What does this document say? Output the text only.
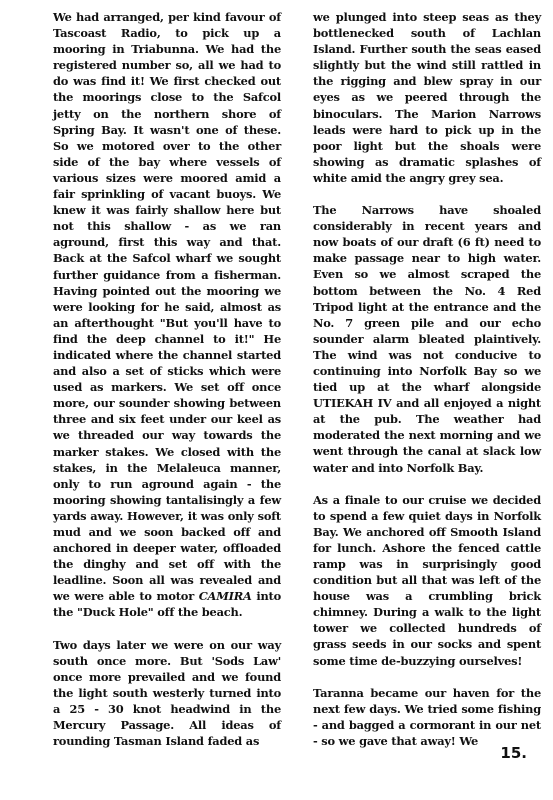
We had arranged, per kind favour of Tascoast Radio, to pick up a mooring in Triabunna. We had the registered number so, all we had to do was find it! We first checked out the moorings close to the Safcol jetty on the northern shore of Spring Bay. It wasn't one of these. So we motored over to the other side of the bay where vessels of various sizes were moored amid a fair sprinkling of vacant buoys. We knew it was fairly shallow here but not this shallow - as we ran aground, first this way and that. Back at the Safcol wharf we sought further guidance from a fisherman. Having pointed out the mooring we were looking for he said, almost as an afterthought "But you'll have to find the deep channel to it!" He indicated where the channel started and also a set of sticks which were used as markers. We set off once more, our sounder showing between three and six feet under our keel as we threaded our way towards the marker stakes. We closed with the stakes, in the Melaleuca manner, only to run aground again - the mooring showing tantalisingly a few yards away. However, it was only soft mud and we soon backed off and anchored in deeper water, offloaded the dinghy and set off with the leadline. Soon all was revealed and we were able to motor CAMIRA into the "Duck Hole" off the beach.

Two days later we were on our way south once more. But 'Sods Law' once more prevailed and we found the light south westerly turned into a 25 - 30 knot headwind in the Mercury Passage. All ideas of rounding Tasman Island faded as

we plunged into steep seas as they bottlenecked south of Lachlan Island. Further south the seas eased slightly but the wind still rattled in the rigging and blew spray in our eyes as we peered through the binoculars. The Marion Narrows leads were hard to pick up in the poor light but the shoals were showing as dramatic splashes of white amid the angry grey sea.

The Narrows have shoaled considerably in recent years and now boats of our draft (6 ft) need to make passage near to high water. Even so we almost scraped the bottom between the No. 4 Red Tripod light at the entrance and the No. 7 green pile and our echo sounder alarm bleated plaintively. The wind was not conducive to continuing into Norfolk Bay so we tied up at the wharf alongside UTIEKAH IV and all enjoyed a night at the pub. The weather had moderated the next morning and we went through the canal at slack low water and into Norfolk Bay.

As a finale to our cruise we decided to spend a few quiet days in Norfolk Bay. We anchored off Smooth Island for lunch. Ashore the fenced cattle ramp was in surprisingly good condition but all that was left of the house was a crumbling brick chimney. During a walk to the light tower we collected hundreds of grass seeds in our socks and spent some time de-buzzying ourselves!

Taranna became our haven for the next few days. We tried some fishing - and bagged a cormorant in our net - so we gave that away! We

15.
